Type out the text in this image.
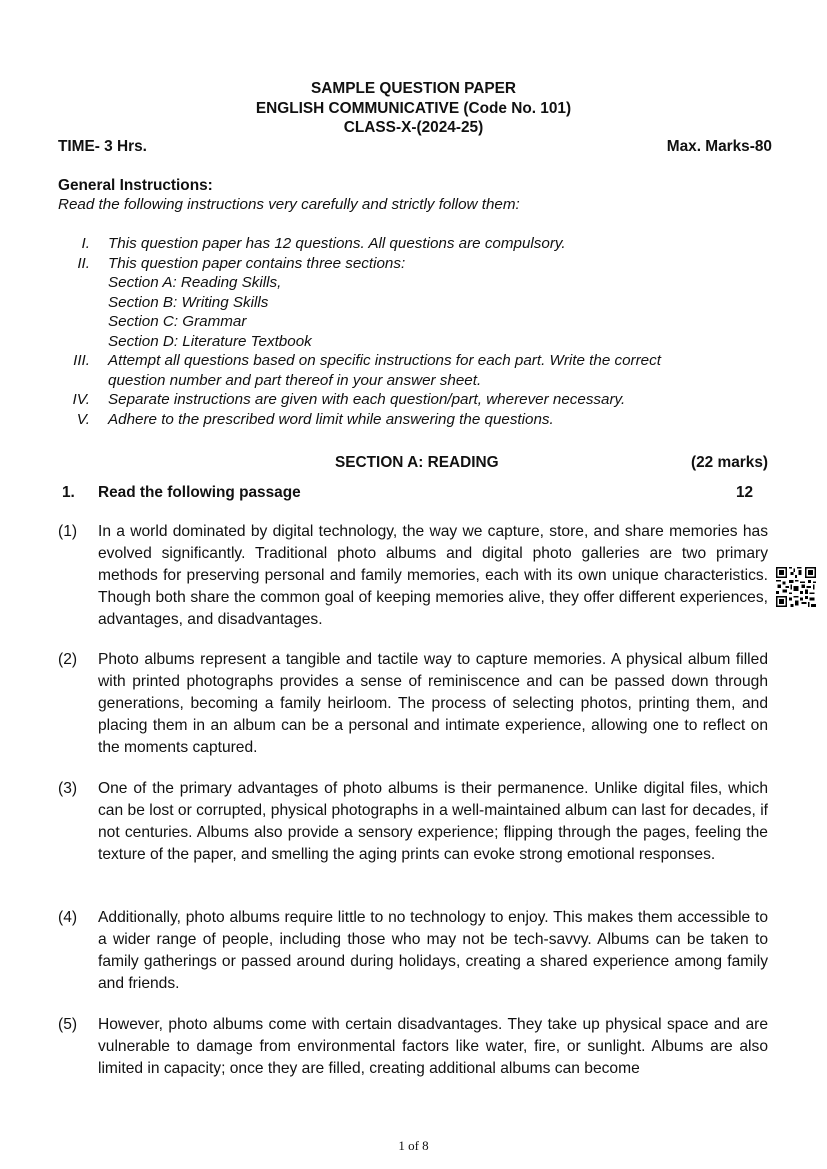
SAMPLE QUESTION PAPER
ENGLISH COMMUNICATIVE (Code No. 101)
CLASS-X-(2024-25)
TIME- 3 Hrs.	Max. Marks-80
General Instructions:
Read the following instructions very carefully and strictly follow them:
I.	This question paper has 12 questions. All questions are compulsory.
II.	This question paper contains three sections:
Section A: Reading Skills,
Section B: Writing Skills
Section C: Grammar
Section D: Literature Textbook
III.	Attempt all questions based on specific instructions for each part. Write the correct
question number and part thereof in your answer sheet.
IV.	Separate instructions are given with each question/part, wherever necessary.
V.	Adhere to the prescribed word limit while answering the questions.
SECTION A: READING	(22 marks)
1. Read the following passage	12
(1)	In a world dominated by digital technology, the way we capture, store, and share memories has evolved significantly. Traditional photo albums and digital photo galleries are two primary methods for preserving personal and family memories, each with its own unique characteristics. Though both share the common goal of keeping memories alive, they offer different experiences, advantages, and disadvantages.
(2)	Photo albums represent a tangible and tactile way to capture memories. A physical album filled with printed photographs provides a sense of reminiscence and can be passed down through generations, becoming a family heirloom. The process of selecting photos, printing them, and placing them in an album can be a personal and intimate experience, allowing one to reflect on the moments captured.
(3)	One of the primary advantages of photo albums is their permanence. Unlike digital files, which can be lost or corrupted, physical photographs in a well-maintained album can last for decades, if not centuries. Albums also provide a sensory experience; flipping through the pages, feeling the texture of the paper, and smelling the aging prints can evoke strong emotional responses.
(4)	Additionally, photo albums require little to no technology to enjoy. This makes them accessible to a wider range of people, including those who may not be tech-savvy. Albums can be taken to family gatherings or passed around during holidays, creating a shared experience among family and friends.
(5)	However, photo albums come with certain disadvantages. They take up physical space and are vulnerable to damage from environmental factors like water, fire, or sunlight. Albums are also limited in capacity; once they are filled, creating additional albums can become
1 of 8
